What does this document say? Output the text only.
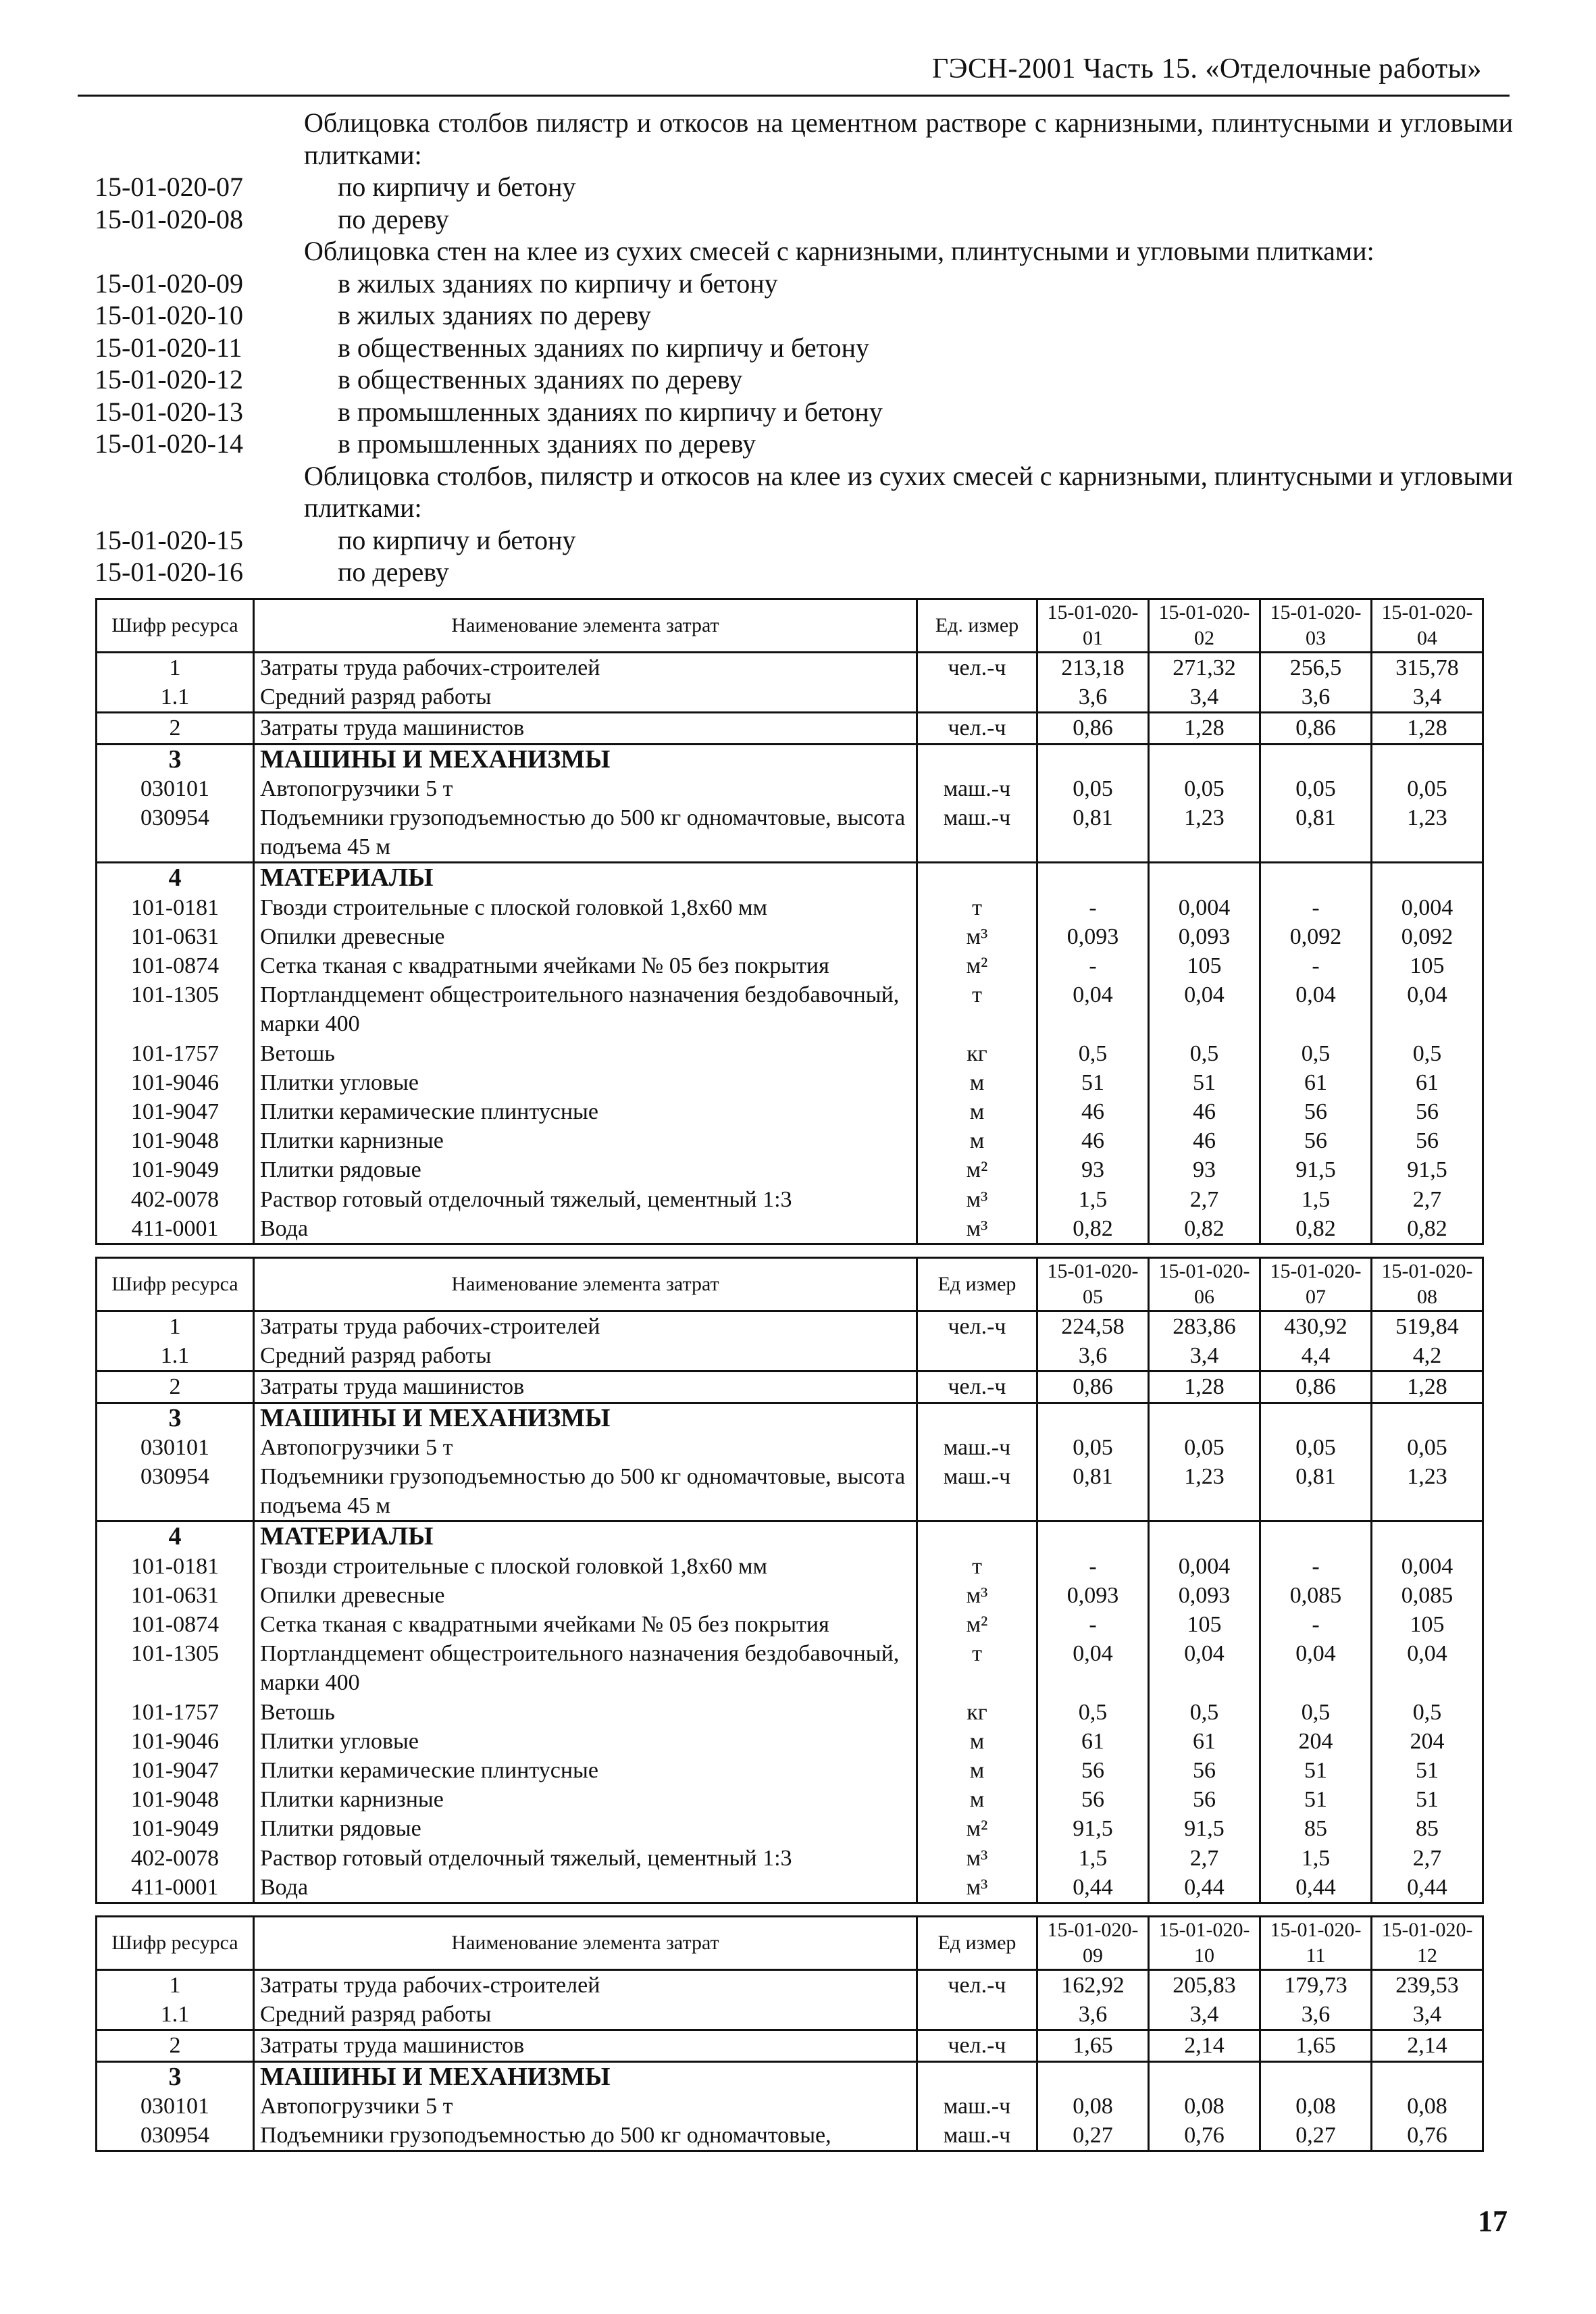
ГЭСН-2001 Часть 15. «Отделочные работы»
Облицовка столбов пилястр и откосов на цементном растворе с карнизными, плинтусными и угловыми плитками:
15-01-020-07	по кирпичу и бетону
15-01-020-08	по дереву
Облицовка стен на клее из сухих смесей с карнизными, плинтусными и угловыми плитками:
15-01-020-09	в жилых зданиях по кирпичу и бетону
15-01-020-10	в жилых зданиях по дереву
15-01-020-11	в общественных зданиях по кирпичу и бетону
15-01-020-12	в общественных зданиях по дереву
15-01-020-13	в промышленных зданиях по кирпичу и бетону
15-01-020-14	в промышленных зданиях по дереву
Облицовка столбов, пилястр и откосов на клее из сухих смесей с карнизными, плинтусными и угловыми плитками:
15-01-020-15	по кирпичу и бетону
15-01-020-16	по дереву
Шифр ресурса	Наименование элемента затрат	Ед. измер	15-01-020-01	15-01-020-02	15-01-020-03	15-01-020-04
1	Затраты труда рабочих-строителей	чел.-ч	213,18	271,32	256,5	315,78
1.1	Средний разряд работы		3,6	3,4	3,6	3,4
2	Затраты труда машинистов	чел.-ч	0,86	1,28	0,86	1,28
3	МАШИНЫ И МЕХАНИЗМЫ					
030101	Автопогрузчики 5 т	маш.-ч	0,05	0,05	0,05	0,05
030954	Подъемники грузоподъемностью до 500 кг одномачтовые, высота подъема 45 м	маш.-ч	0,81	1,23	0,81	1,23
4	МАТЕРИАЛЫ					
101-0181	Гвозди строительные с плоской головкой 1,8х60 мм	т	-	0,004	-	0,004
101-0631	Опилки древесные	м³	0,093	0,093	0,092	0,092
101-0874	Сетка тканая с квадратными ячейками № 05 без покрытия	м²	-	105	-	105
101-1305	Портландцемент общестроительного назначения бездобавочный, марки 400	т	0,04	0,04	0,04	0,04
101-1757	Ветошь	кг	0,5	0,5	0,5	0,5
101-9046	Плитки угловые	м	51	51	61	61
101-9047	Плитки керамические плинтусные	м	46	46	56	56
101-9048	Плитки карнизные	м	46	46	56	56
101-9049	Плитки рядовые	м²	93	93	91,5	91,5
402-0078	Раствор готовый отделочный тяжелый, цементный 1:3	м³	1,5	2,7	1,5	2,7
411-0001	Вода	м³	0,82	0,82	0,82	0,82
Шифр ресурса	Наименование элемента затрат	Ед измер	15-01-020-05	15-01-020-06	15-01-020-07	15-01-020-08
1	Затраты труда рабочих-строителей	чел.-ч	224,58	283,86	430,92	519,84
1.1	Средний разряд работы		3,6	3,4	4,4	4,2
2	Затраты труда машинистов	чел.-ч	0,86	1,28	0,86	1,28
3	МАШИНЫ И МЕХАНИЗМЫ					
030101	Автопогрузчики 5 т	маш.-ч	0,05	0,05	0,05	0,05
030954	Подъемники грузоподъемностью до 500 кг одномачтовые, высота подъема 45 м	маш.-ч	0,81	1,23	0,81	1,23
4	МАТЕРИАЛЫ					
101-0181	Гвозди строительные с плоской головкой 1,8х60 мм	т	-	0,004	-	0,004
101-0631	Опилки древесные	м³	0,093	0,093	0,085	0,085
101-0874	Сетка тканая с квадратными ячейками № 05 без покрытия	м²	-	105	-	105
101-1305	Портландцемент общестроительного назначения бездобавочный, марки 400	т	0,04	0,04	0,04	0,04
101-1757	Ветошь	кг	0,5	0,5	0,5	0,5
101-9046	Плитки угловые	м	61	61	204	204
101-9047	Плитки керамические плинтусные	м	56	56	51	51
101-9048	Плитки карнизные	м	56	56	51	51
101-9049	Плитки рядовые	м²	91,5	91,5	85	85
402-0078	Раствор готовый отделочный тяжелый, цементный 1:3	м³	1,5	2,7	1,5	2,7
411-0001	Вода	м³	0,44	0,44	0,44	0,44
Шифр ресурса	Наименование элемента затрат	Ед измер	15-01-020-09	15-01-020-10	15-01-020-11	15-01-020-12
1	Затраты труда рабочих-строителей	чел.-ч	162,92	205,83	179,73	239,53
1.1	Средний разряд работы		3,6	3,4	3,6	3,4
2	Затраты труда машинистов	чел.-ч	1,65	2,14	1,65	2,14
3	МАШИНЫ И МЕХАНИЗМЫ					
030101	Автопогрузчики 5 т	маш.-ч	0,08	0,08	0,08	0,08
030954	Подъемники грузоподъемностью до 500 кг одномачтовые,	маш.-ч	0,27	0,76	0,27	0,76
17
